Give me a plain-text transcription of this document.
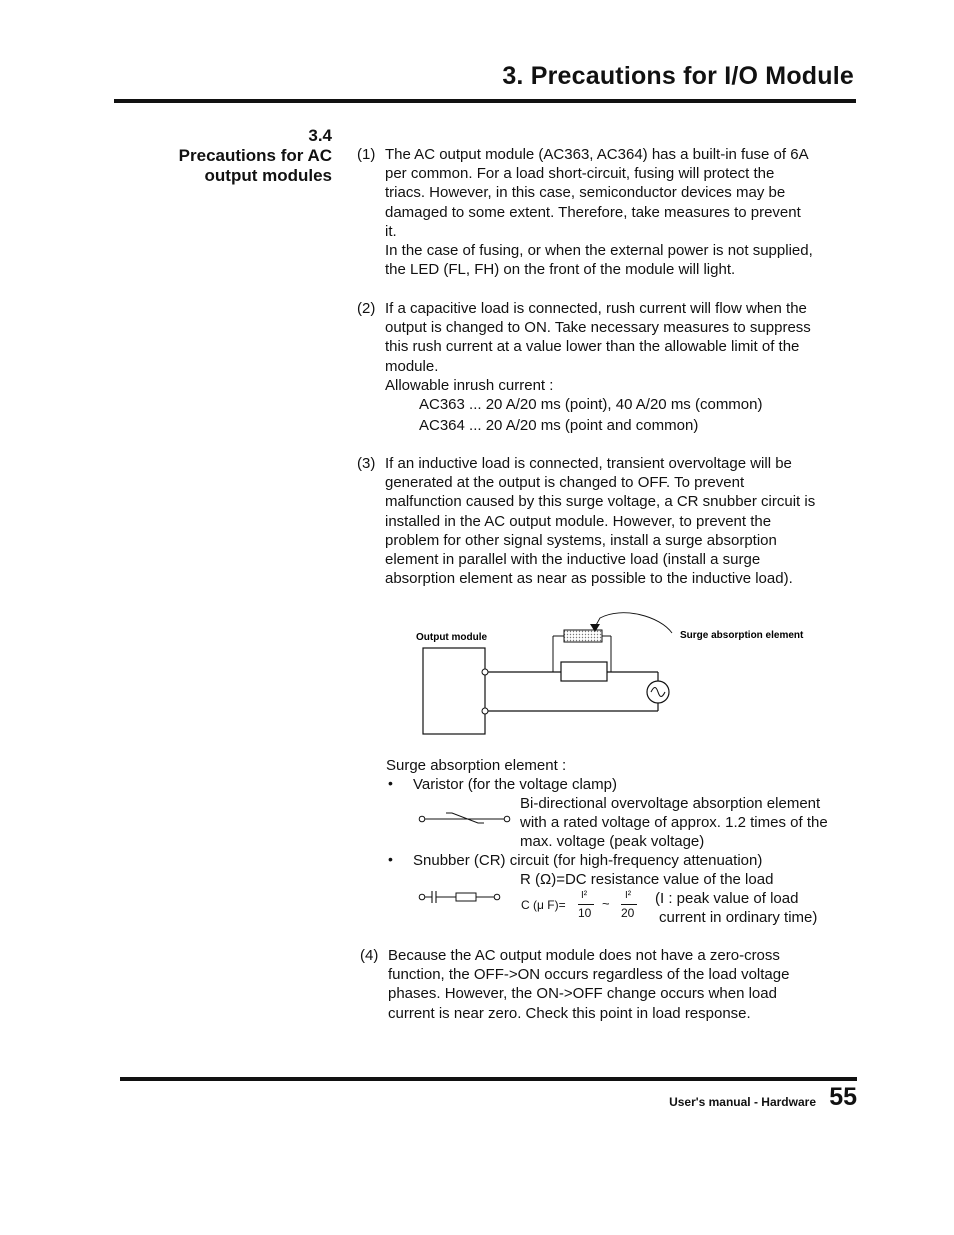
3. Precautions for I/O Module
3.4
Precautions for AC
output modules
(1) The AC output module (AC363, AC364) has a built-in fuse of 6A
per common. For a load short-circuit, fusing will protect the
triacs. However, in this case, semiconductor devices may be
damaged to some extent. Therefore, take measures to prevent
it.
In the case of fusing, or when the external power is not supplied,
the LED (FL, FH) on the front of the module will light.
(2) If a capacitive load is connected, rush current will flow when the
output is changed to ON. Take necessary measures to suppress
this rush current at a value lower than the allowable limit of the
module.
Allowable inrush current :
AC363 ... 20 A/20 ms (point), 40 A/20 ms (common)
AC364 ... 20 A/20 ms (point and common)
(3) If an inductive load is connected, transient overvoltage will be
generated at the output is changed to OFF. To prevent
malfunction caused by this surge voltage, a CR snubber circuit is
installed in the AC output module. However, to prevent the
problem for other signal systems, install a surge absorption
element in parallel with the inductive load (install a surge
absorption element as near as possible to the inductive load).
Output module	Surge absorption element
Surge absorption element :
• Varistor (for the voltage clamp)
Bi-directional overvoltage absorption element
with a rated voltage of approx. 1.2 times of the
max. voltage (peak voltage)
• Snubber (CR) circuit (for high-frequency attenuation)
R (Ω)=DC resistance value of the load
C (μ F)=
I²
10
~
I²
20
(I : peak value of load
current in ordinary time)
(4) Because the AC output module does not have a zero-cross
function, the OFF->ON occurs regardless of the load voltage
phases. However, the ON->OFF change occurs when load
current is near zero. Check this point in load response.
User's manual - Hardware 55
